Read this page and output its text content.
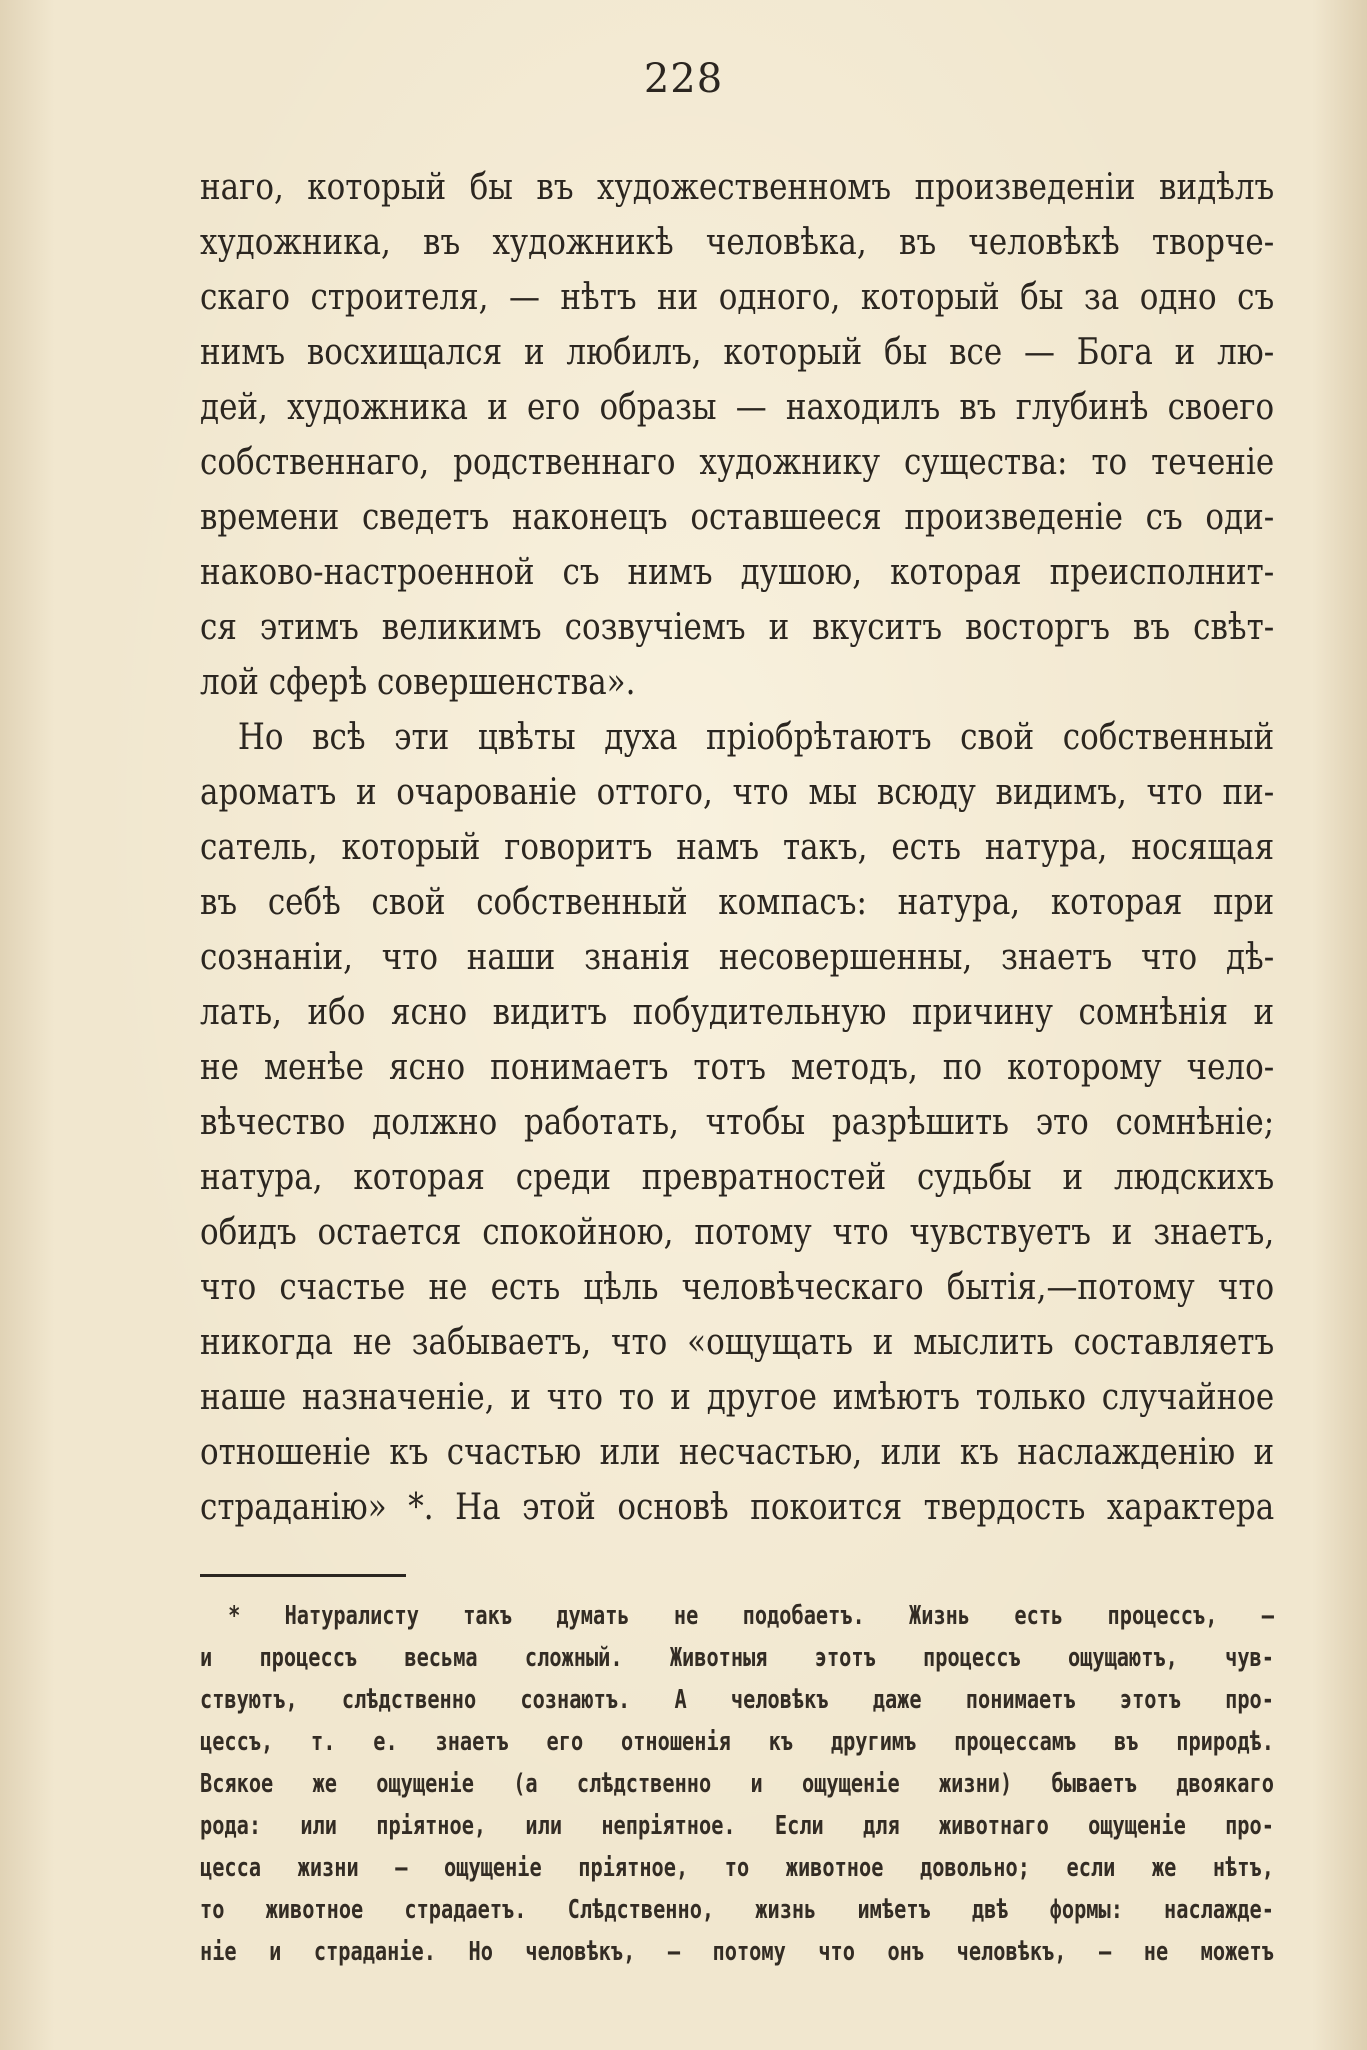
228
наго, который бы въ художественномъ произведенiи видѣлъ
художника, въ художникѣ человѣка, въ человѣкѣ творче-
скаго строителя, — нѣтъ ни одного, который бы за одно съ
нимъ восхищался и любилъ, который бы все — Бога и лю-
дей, художника и его образы — находилъ въ глубинѣ своего
собственнаго, родственнаго художнику существа: то теченiе
времени сведетъ наконецъ оставшееся произведенiе съ оди-
наково-настроенной съ нимъ душою, которая преисполнит-
ся этимъ великимъ созвучiемъ и вкуситъ восторгъ въ свѣт-
лой сферѣ совершенства».
Но всѣ эти цвѣты духа прiобрѣтаютъ свой собственный
ароматъ и очарованiе оттого, что мы всюду видимъ, что пи-
сатель, который говоритъ намъ такъ, есть натура, носящая
въ себѣ свой собственный компасъ: натура, которая при
сознанiи, что наши знанiя несовершенны, знаетъ что дѣ-
лать, ибо ясно видитъ побудительную причину сомнѣнiя и
не менѣе ясно понимаетъ тотъ методъ, по которому чело-
вѣчество должно работать, чтобы разрѣшить это сомнѣнiе;
натура, которая среди превратностей судьбы и людскихъ
обидъ остается спокойною, потому что чувствуетъ и знаетъ,
что счастье не есть цѣль человѣческаго бытiя,—потому что
никогда не забываетъ, что «ощущать и мыслить составляетъ
наше назначенiе, и что то и другое имѣютъ только случайное
отношенiе къ счастью или несчастью, или къ наслажденiю и
страданiю» *. На этой основѣ покоится твердость характера
* Натуралисту такъ думать не подобаетъ. Жизнь есть процессъ, —
и процессъ весьма сложный. Животныя этотъ процессъ ощущаютъ, чув-
ствуютъ, слѣдственно сознаютъ. А человѣкъ даже понимаетъ этотъ про-
цессъ, т. е. знаетъ его отношенiя къ другимъ процессамъ въ природѣ.
Всякое же ощущенiе (а слѣдственно и ощущенiе жизни) бываетъ двоякаго
рода: или прiятное, или непрiятное. Если для животнаго ощущенiе про-
цесса жизни — ощущенiе прiятное, то животное довольно; если же нѣтъ,
то животное страдаетъ. Слѣдственно, жизнь имѣетъ двѣ формы: наслажде-
нiе и страданiе. Но человѣкъ, — потому что онъ человѣкъ, — не можетъ
